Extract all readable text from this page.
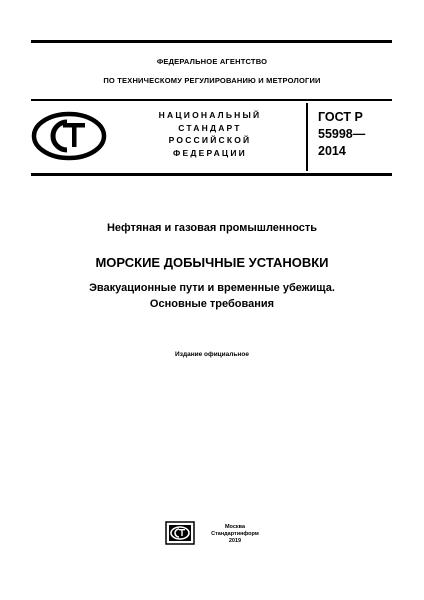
ФЕДЕРАЛЬНОЕ АГЕНТСТВО
ПО ТЕХНИЧЕСКОМУ РЕГУЛИРОВАНИЮ И МЕТРОЛОГИИ
НАЦИОНАЛЬНЫЙ
СТАНДАРТ
РОССИЙСКОЙ
ФЕДЕРАЦИИ
ГОСТ Р
55998—
2014
Нефтяная и газовая промышленность
МОРСКИЕ ДОБЫЧНЫЕ УСТАНОВКИ
Эвакуационные пути и временные убежища.
Основные требования
Издание официальное
Москва
Стандартинформ
2019
